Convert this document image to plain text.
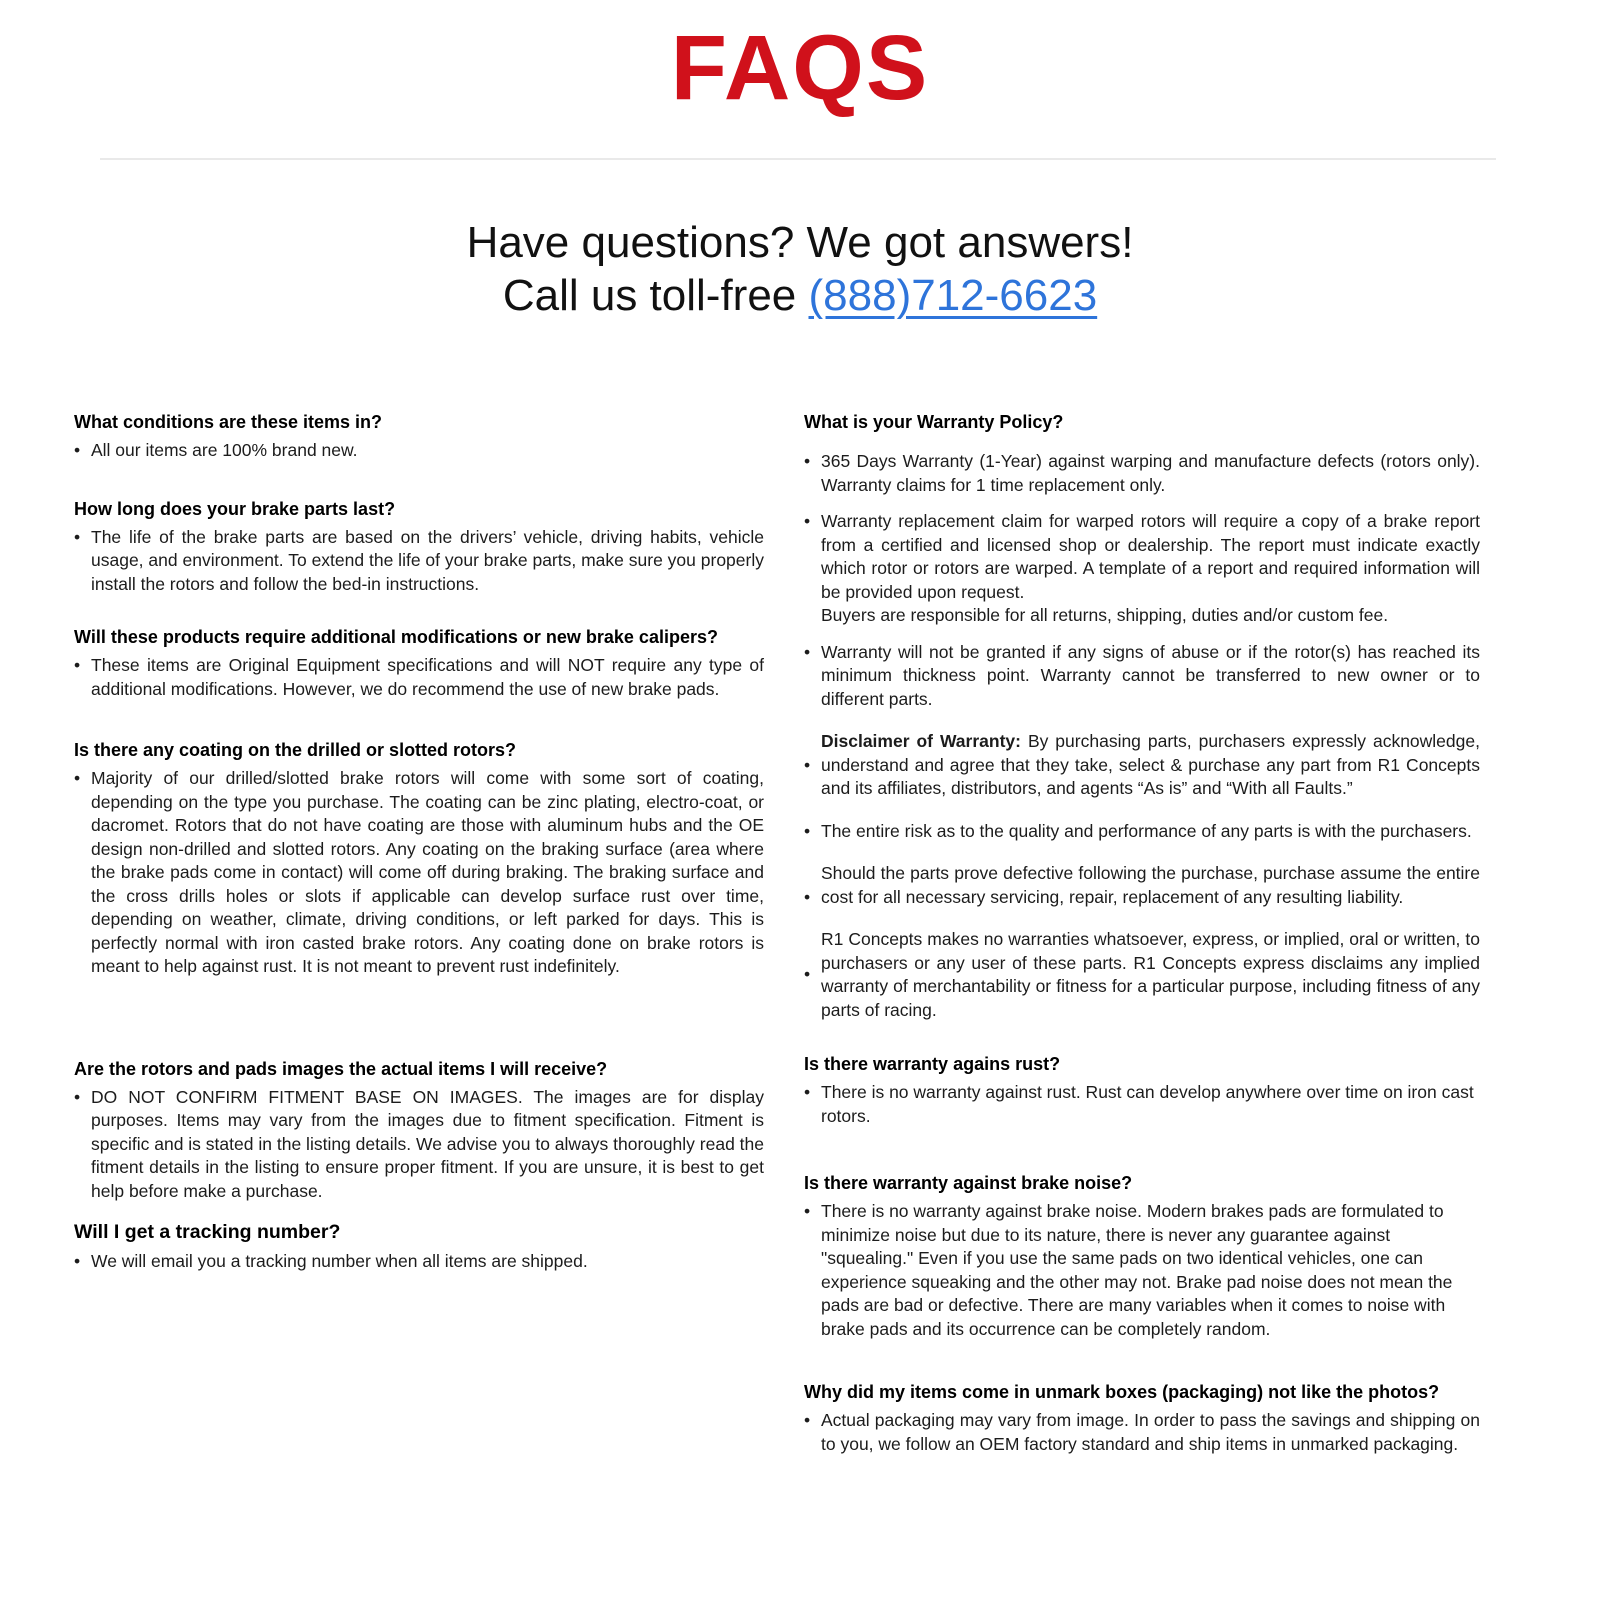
FAQS
Have questions? We got answers!
Call us toll-free (888)712-6623
What conditions are these items in?
•
All our items are 100% brand new.
How long does your brake parts last?
•
The life of the brake parts are based on the drivers’ vehicle, driving habits, vehicle usage, and environment. To extend the life of your brake parts, make sure you properly install the rotors and follow the bed-in instructions.
Will these products require additional modifications or new brake calipers?
•
These items are Original Equipment specifications and will NOT require any type of additional modifications. However, we do recommend the use of new brake pads.
Is there any coating on the drilled or slotted rotors?
•
Majority of our drilled/slotted brake rotors will come with some sort of coating, depending on the type you purchase. The coating can be zinc plating, electro-coat, or dacromet. Rotors that do not have coating are those with aluminum hubs and the OE design non-drilled and slotted rotors. Any coating on the braking surface (area where the brake pads come in contact) will come off during braking. The braking surface and the cross drills holes or slots if applicable can develop surface rust over time, depending on weather, climate, driving conditions, or left parked for days. This is perfectly normal with iron casted brake rotors. Any coating done on brake rotors is meant to help against rust. It is not meant to prevent rust indefinitely.
Are the rotors and pads images the actual items I will receive?
•
DO NOT CONFIRM FITMENT BASE ON IMAGES. The images are for display purposes. Items may vary from the images due to fitment specification. Fitment is specific and is stated in the listing details. We advise you to always thoroughly read the fitment details in the listing to ensure proper fitment. If you are unsure, it is best to get help before make a purchase.
Will I get a tracking number?
•
We will email you a tracking number when all items are shipped.
What is your Warranty Policy?
•
365 Days Warranty (1-Year) against warping and manufacture defects (rotors only). Warranty claims for 1 time replacement only.
•
Warranty replacement claim for warped rotors will require a copy of a brake report from a certified and licensed shop or dealership. The report must indicate exactly which rotor or rotors are warped. A template of a report and required information will be provided upon request.
Buyers are responsible for all returns, shipping, duties and/or custom fee.
•
Warranty will not be granted if any signs of abuse or if the rotor(s) has reached its minimum thickness point. Warranty cannot be transferred to new owner or to different parts.
•
Disclaimer of Warranty: By purchasing parts, purchasers expressly acknowledge, understand and agree that they take, select & purchase any part from R1 Concepts and its affiliates, distributors, and agents “As is” and “With all Faults.”
•
The entire risk as to the quality and performance of any parts is with the purchasers.
•
Should the parts prove defective following the purchase, purchase assume the entire cost for all necessary servicing, repair, replacement of any resulting liability.
•
R1 Concepts makes no warranties whatsoever, express, or implied, oral or written, to purchasers or any user of these parts. R1 Concepts express disclaims any implied warranty of merchantability or fitness for a particular purpose, including fitness of any parts of racing.
Is there warranty agains rust?
•
There is no warranty against rust. Rust can develop anywhere over time on iron cast rotors.
Is there warranty against brake noise?
•
There is no warranty against brake noise. Modern brakes pads are formulated to minimize noise but due to its nature, there is never any guarantee against "squealing." Even if you use the same pads on two identical vehicles, one can experience squeaking and the other may not. Brake pad noise does not mean the pads are bad or defective. There are many variables when it comes to noise with brake pads and its occurrence can be completely random.
Why did my items come in unmark boxes (packaging) not like the photos?
•
Actual packaging may vary from image. In order to pass the savings and shipping on to you, we follow an OEM factory standard and ship items in unmarked packaging.
